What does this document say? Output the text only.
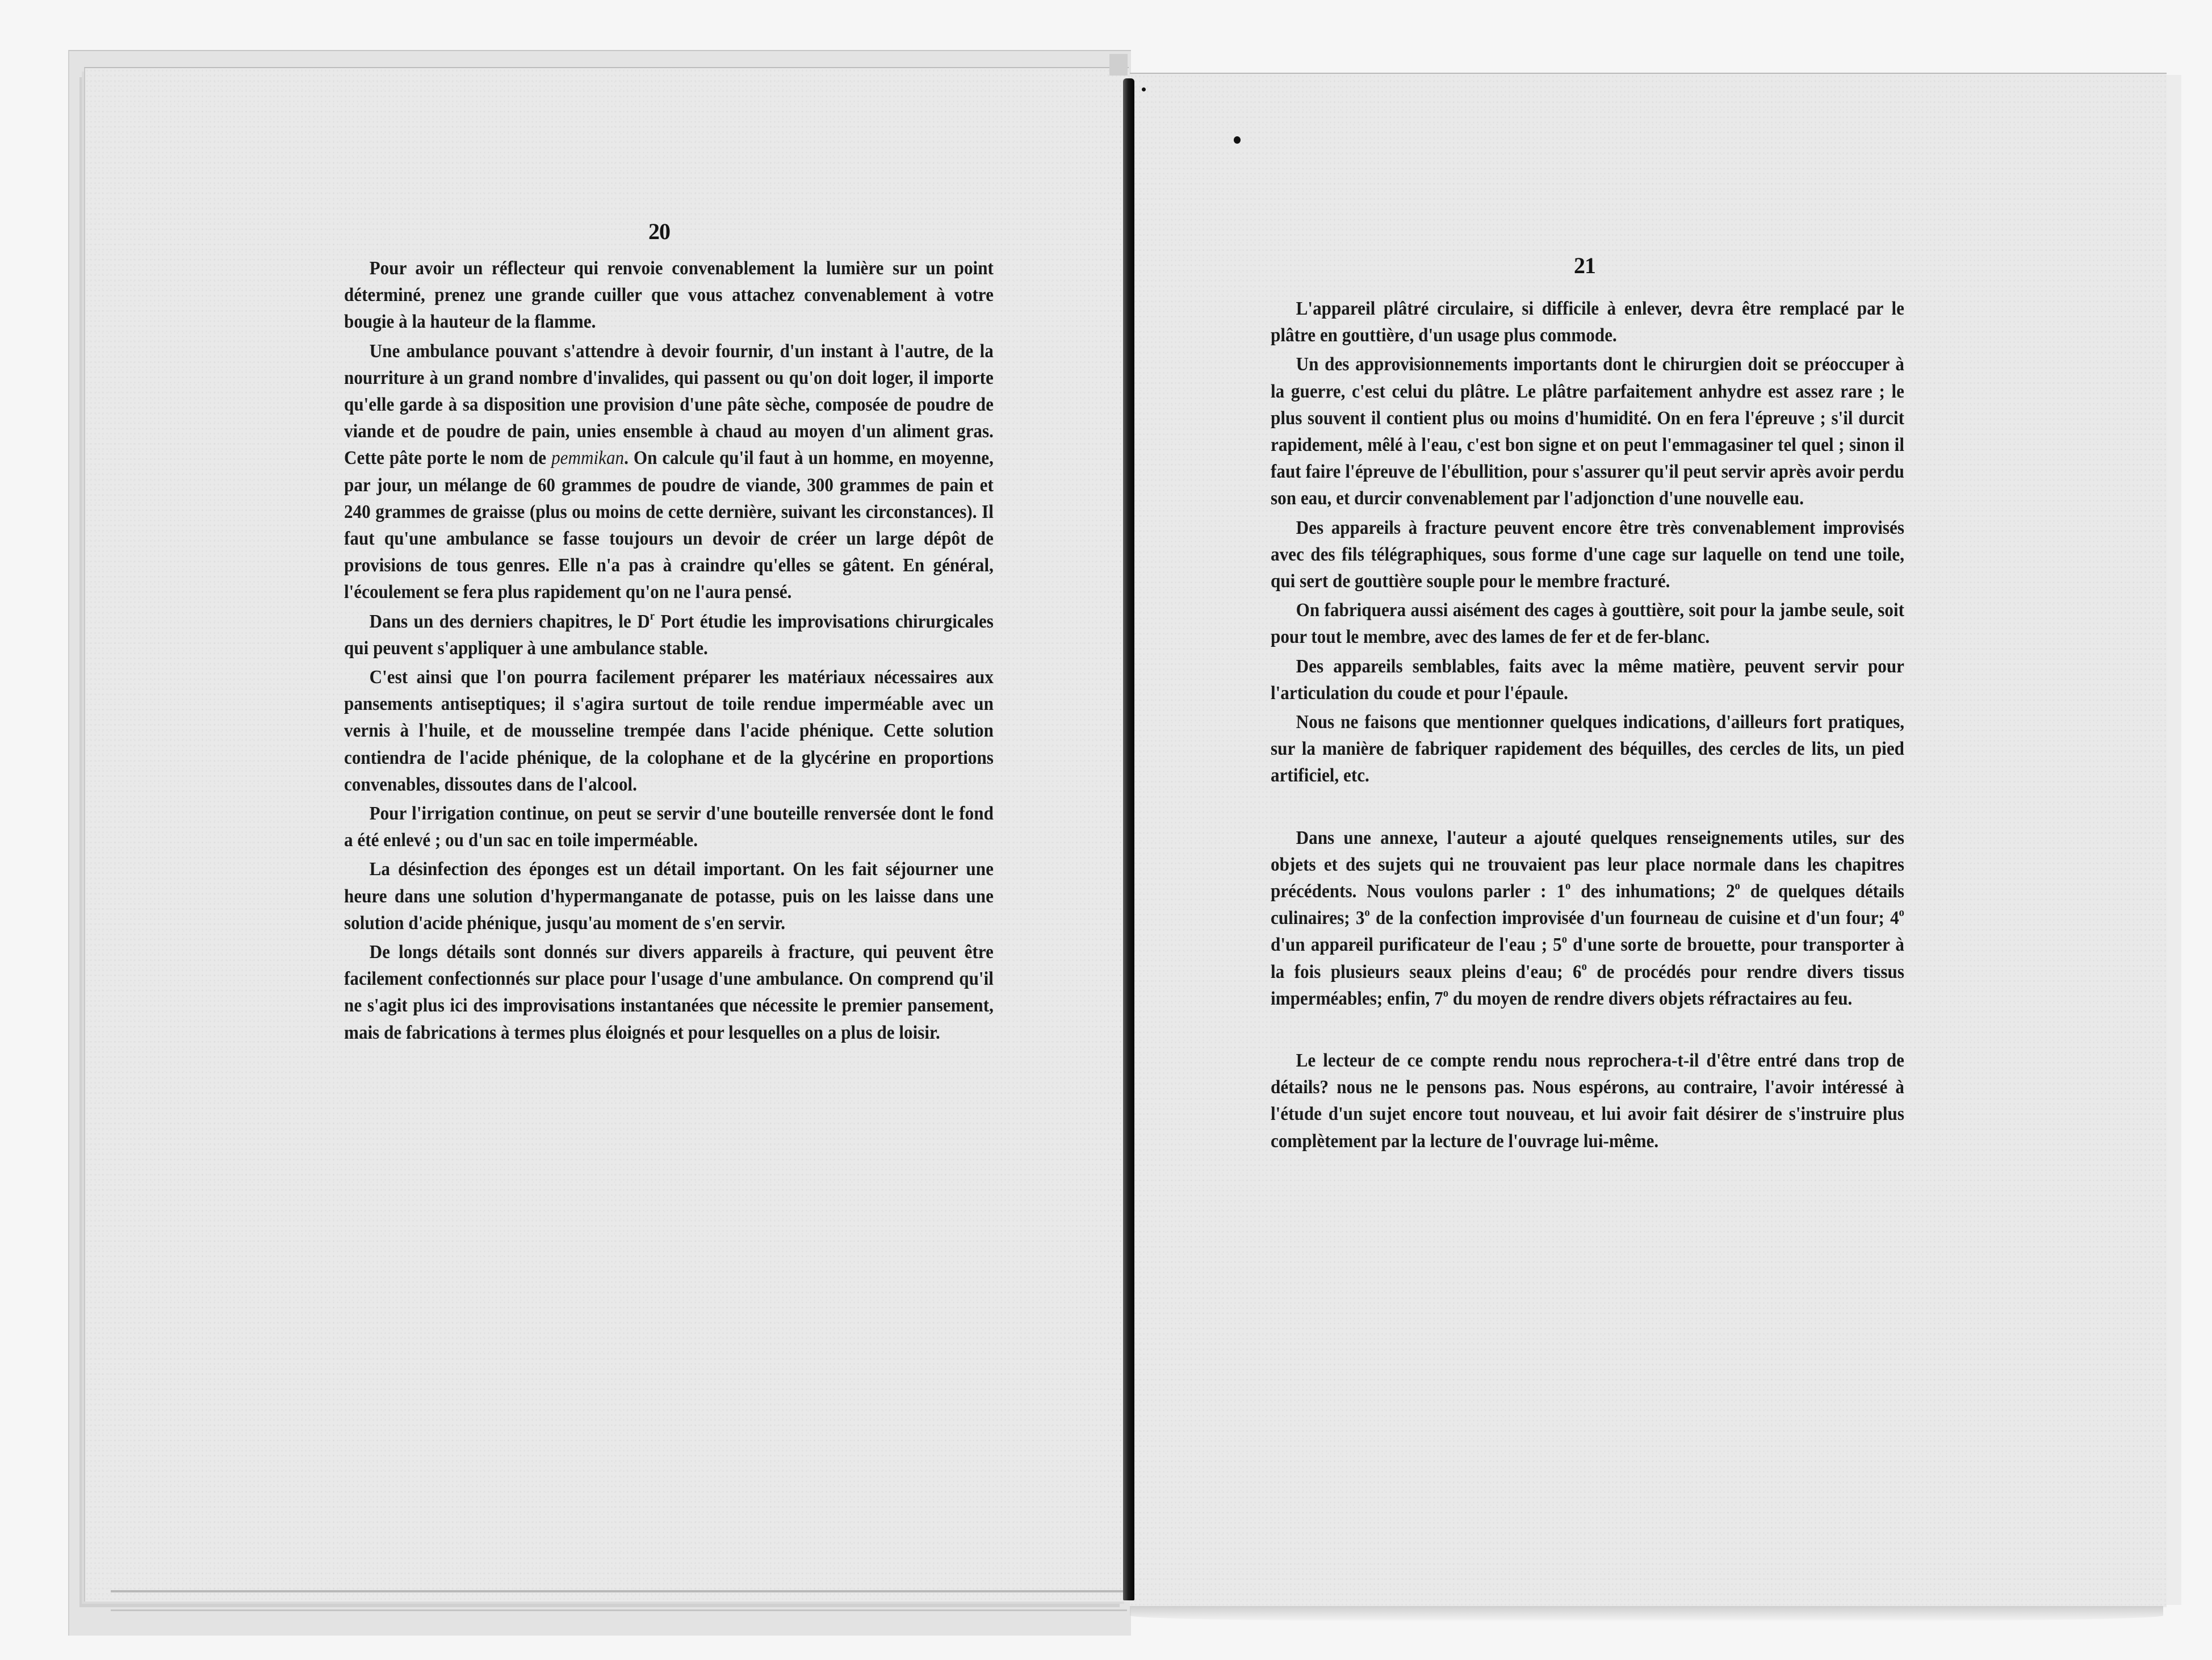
20

Pour avoir un réflecteur qui renvoie convenablement la lumière sur un point déterminé, prenez une grande cuiller que vous attachez convenablement à votre bougie à la hauteur de la flamme.

Une ambulance pouvant s'attendre à devoir fournir, d'un instant à l'autre, de la nourriture à un grand nombre d'invalides, qui passent ou qu'on doit loger, il importe qu'elle garde à sa disposition une provision d'une pâte sèche, composée de poudre de viande et de poudre de pain, unies ensemble à chaud au moyen d'un aliment gras. Cette pâte porte le nom de pemmikan. On calcule qu'il faut à un homme, en moyenne, par jour, un mélange de 60 grammes de poudre de viande, 300 grammes de pain et 240 grammes de graisse (plus ou moins de cette dernière, suivant les circonstances). Il faut qu'une ambulance se fasse toujours un devoir de créer un large dépôt de provisions de tous genres. Elle n'a pas à craindre qu'elles se gâtent. En général, l'écoulement se fera plus rapidement qu'on ne l'aura pensé.

Dans un des derniers chapitres, le $D^r$ Port étudie les improvisations chirurgicales qui peuvent s'appliquer à une ambulance stable.

C'est ainsi que l'on pourra facilement préparer les matériaux nécessaires aux pansements antiseptiques; il s'agira surtout de toile rendue imperméable avec un vernis à l'huile, et de mousseline trempée dans l'acide phénique. Cette solution contiendra de l'acide phénique, de la colophane et de la glycérine en proportions convenables, dissoutes dans de l'alcool.

Pour l'irrigation continue, on peut se servir d'une bouteille renversée dont le fond a été enlevé ; ou d'un sac en toile imperméable.

La désinfection des éponges est un détail important. On les fait séjourner une heure dans une solution d'hypermanganate de potasse, puis on les laisse dans une solution d'acide phénique, jusqu'au moment de s'en servir.

De longs détails sont donnés sur divers appareils à fracture, qui peuvent être facilement confectionnés sur place pour l'usage d'une ambulance. On comprend qu'il ne s'agit plus ici des improvisations instantanées que nécessite le premier pansement, mais de fabrications à termes plus éloignés et pour lesquelles on a plus de loisir.

21

L'appareil plâtré circulaire, si difficile à enlever, devra être remplacé par le plâtre en gouttière, d'un usage plus commode.

Un des approvisionnements importants dont le chirurgien doit se préoccuper à la guerre, c'est celui du plâtre. Le plâtre parfaitement anhydre est assez rare ; le plus souvent il contient plus ou moins d'humidité. On en fera l'épreuve ; s'il durcit rapidement, mêlé à l'eau, c'est bon signe et on peut l'emmagasiner tel quel ; sinon il faut faire l'épreuve de l'ébullition, pour s'assurer qu'il peut servir après avoir perdu son eau, et durcir convenablement par l'adjonction d'une nouvelle eau.

Des appareils à fracture peuvent encore être très convenablement improvisés avec des fils télégraphiques, sous forme d'une cage sur laquelle on tend une toile, qui sert de gouttière souple pour le membre fracturé.

On fabriquera aussi aisément des cages à gouttière, soit pour la jambe seule, soit pour tout le membre, avec des lames de fer et de fer-blanc.

Des appareils semblables, faits avec la même matière, peuvent servir pour l'articulation du coude et pour l'épaule.

Nous ne faisons que mentionner quelques indications, d'ailleurs fort pratiques, sur la manière de fabriquer rapidement des béquilles, des cercles de lits, un pied artificiel, etc.

Dans une annexe, l'auteur a ajouté quelques renseignements utiles, sur des objets et des sujets qui ne trouvaient pas leur place normale dans les chapitres précédents. Nous voulons parler : 1$^o$ des inhumations; 2$^o$ de quelques détails culinaires; 3$^o$ de la confection improvisée d'un fourneau de cuisine et d'un four; 4$^o$ d'un appareil purificateur de l'eau ; 5$^o$ d'une sorte de brouette, pour transporter à la fois plusieurs seaux pleins d'eau; 6$^o$ de procédés pour rendre divers tissus imperméables; enfin, 7$^o$ du moyen de rendre divers objets réfractaires au feu.

Le lecteur de ce compte rendu nous reprochera-t-il d'être entré dans trop de détails? nous ne le pensons pas. Nous espérons, au contraire, l'avoir intéressé à l'étude d'un sujet encore tout nouveau, et lui avoir fait désirer de s'instruire plus complètement par la lecture de l'ouvrage lui-même.
